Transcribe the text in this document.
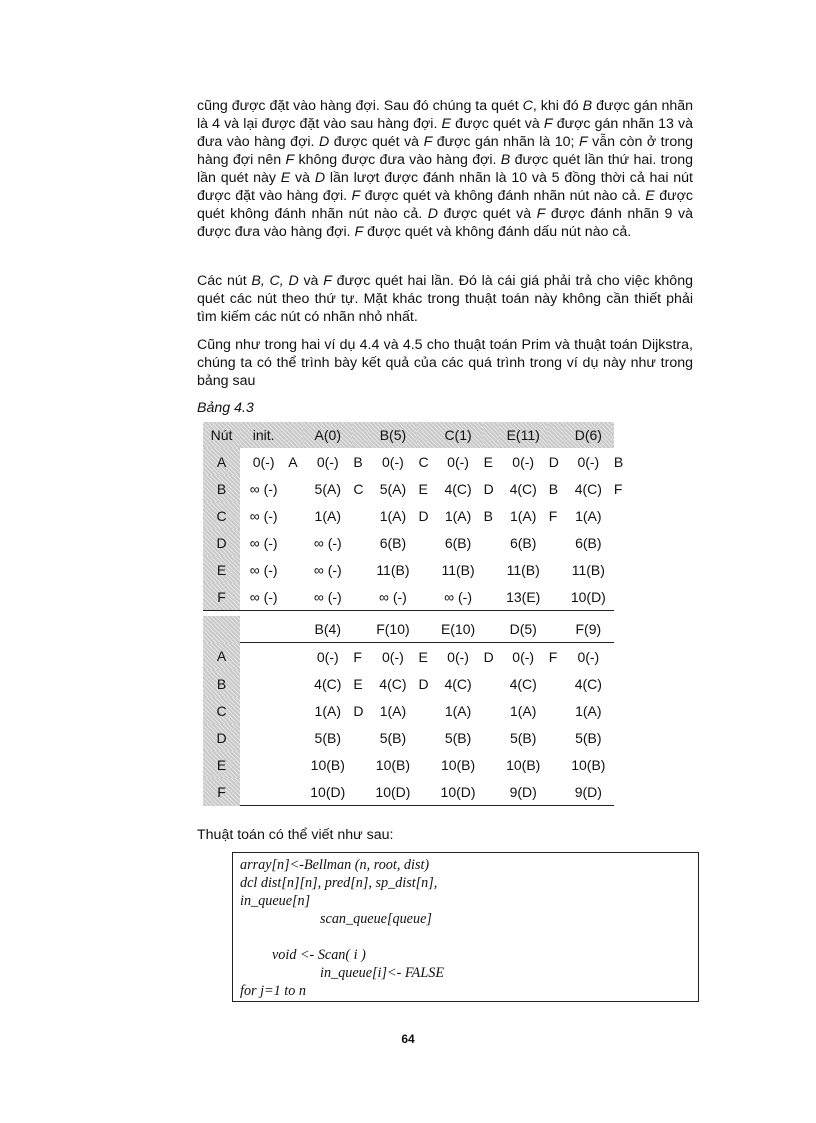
cũng được đặt vào hàng đợi. Sau đó chúng ta quét C, khi đó B được gán nhãn là 4 và lại được đặt vào sau hàng đợi. E được quét và F được gán nhãn 13 và đưa vào hàng đợi. D được quét và F được gán nhãn là 10; F vẫn còn ở trong hàng đợi nên F không được đưa vào hàng đợi. B được quét lần thứ hai. trong lần quét này E và D lần lượt được đánh nhãn là 10 và 5 đồng thời cả hai nút được đặt vào hàng đợi. F được quét và không đánh nhãn nút nào cả. E được quét không đánh nhãn nút nào cả. D được quét và F được đánh nhãn 9 và được đưa vào hàng đợi. F được quét và không đánh dấu nút nào cả.

Các nút B, C, D và F được quét hai lần. Đó là cái giá phải trả cho việc không quét các nút theo thứ tự. Mặt khác trong thuật toán này không cần thiết phải tìm kiếm các nút có nhãn nhỏ nhất.

Cũng như trong hai ví dụ 4.4 và 4.5 cho thuật toán Prim và thuật toán Dijkstra, chúng ta có thể trình bày kết quả của các quá trình trong ví dụ này như trong bảng sau

Bảng 4.3
Nút	init.		A(0)		B(5)		C(1)		E(11)		D(6)	
A	0(-)	A	0(-)	B	0(-)	C	0(-)	E	0(-)	D	0(-)	B
B	∞ (-)		5(A)	C	5(A)	E	4(C)	D	4(C)	B	4(C)	F
C	∞ (-)		1(A)		1(A)	D	1(A)	B	1(A)	F	1(A)	
D	∞ (-)		∞ (-)		6(B)		6(B)		6(B)		6(B)	
E	∞ (-)		∞ (-)		11(B)		11(B)		11(B)		11(B)	
F	∞ (-)		∞ (-)		∞ (-)		∞ (-)		13(E)		10(D)	
			B(4)		F(10)		E(10)		D(5)		F(9)	
A			0(-)	F	0(-)	E	0(-)	D	0(-)	F	0(-)	
B			4(C)	E	4(C)	D	4(C)		4(C)		4(C)	
C			1(A)	D	1(A)		1(A)		1(A)		1(A)	
D			5(B)		5(B)		5(B)		5(B)		5(B)	
E			10(B)		10(B)		10(B)		10(B)		10(B)	
F			10(D)		10(D)		10(D)		9(D)		9(D)	
Thuật toán có thể viết như sau:
array[n]<-Bellman (n, root, dist)
dcl dist[n][n], pred[n], sp_dist[n],
in_queue[n]
scan_queue[queue]
void <- Scan( i )
in_queue[i]<- FALSE
for j=1 to n
64
